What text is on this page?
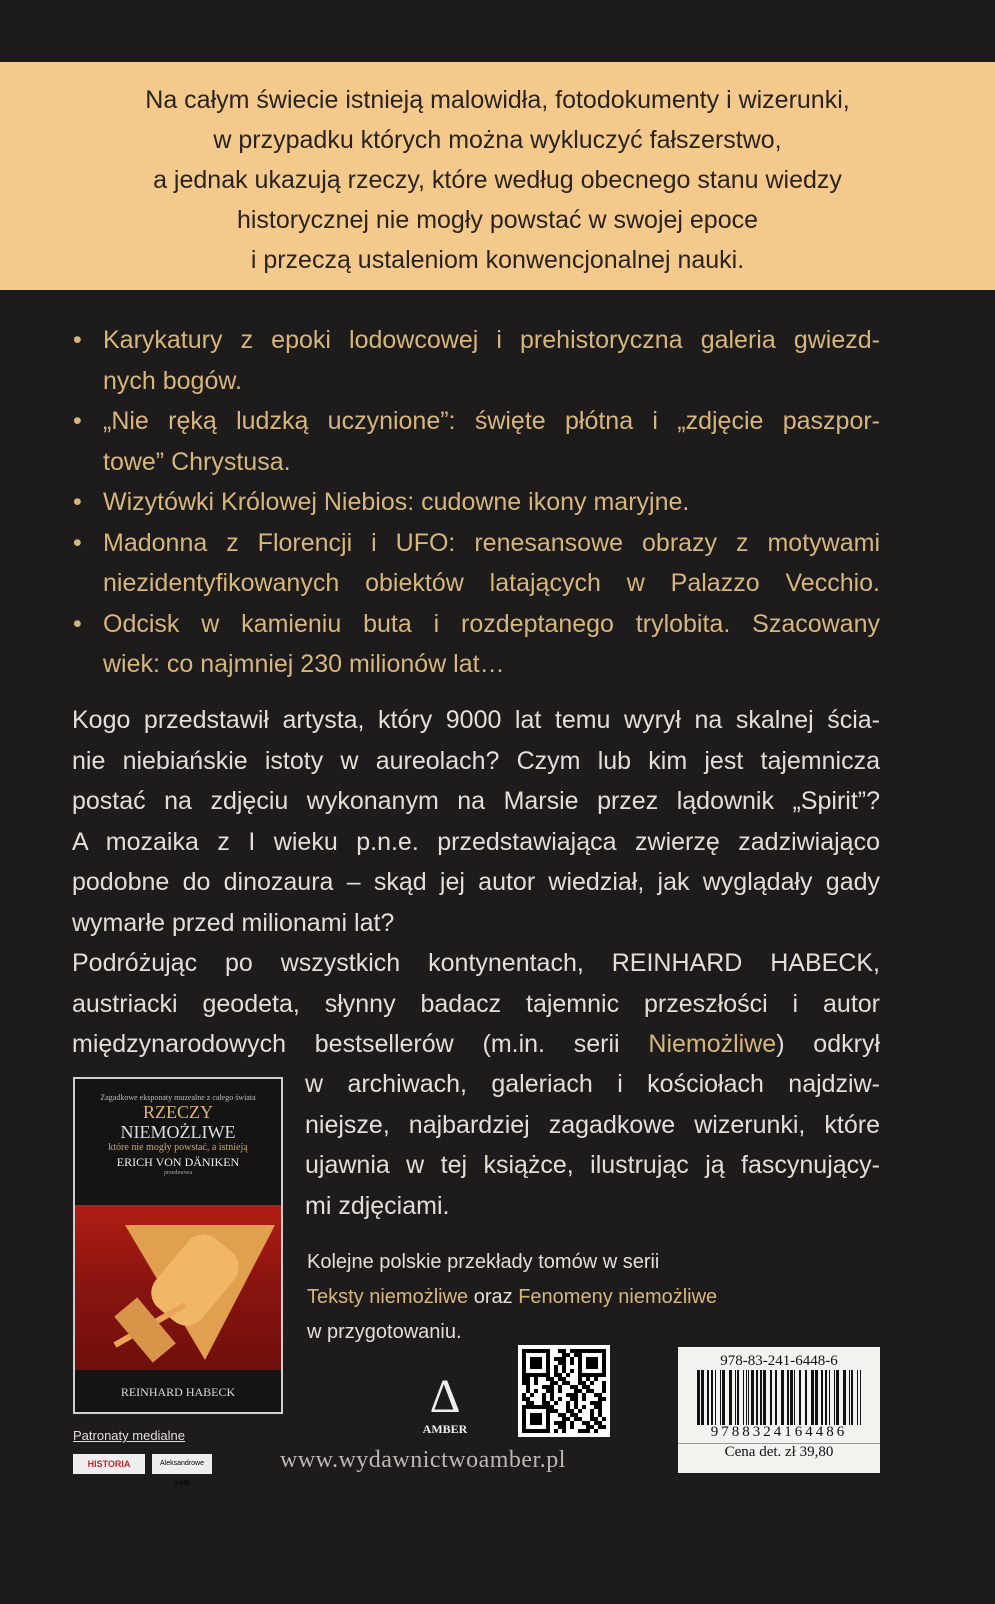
Na całym świecie istnieją malowidła, fotodokumenty i wizerunki,
w przypadku których można wykluczyć fałszerstwo,
a jednak ukazują rzeczy, które według obecnego stanu wiedzy
historycznej nie mogły powstać w swojej epoce
i przeczą ustaleniom konwencjonalnej nauki.
• Karykatury z epoki lodowcowej i prehistoryczna galeria gwiezd-
nych bogów.
• „Nie ręką ludzką uczynione”: święte płótna i „zdjęcie paszpor-
towe” Chrystusa.
• Wizytówki Królowej Niebios: cudowne ikony maryjne.
• Madonna z Florencji i UFO: renesansowe obrazy z motywami
niezidentyfikowanych obiektów latających w Palazzo Vecchio.
• Odcisk w kamieniu buta i rozdeptanego trylobita. Szacowany
wiek: co najmniej 230 milionów lat…
Kogo przedstawił artysta, który 9000 lat temu wyrył na skalnej ścia-
nie niebiańskie istoty w aureolach? Czym lub kim jest tajemnicza
postać na zdjęciu wykonanym na Marsie przez lądownik „Spirit”?
A mozaika z I wieku p.n.e. przedstawiająca zwierzę zadziwiająco
podobne do dinozaura – skąd jej autor wiedział, jak wyglądały gady
wymarłe przed milionami lat?
Podróżując po wszystkich kontynentach, REINHARD HABECK,
austriacki geodeta, słynny badacz tajemnic przeszłości i autor
międzynarodowych bestsellerów (m.in. serii Niemożliwe) odkrył
w archiwach, galeriach i kościołach najdziw-
niejsze, najbardziej zagadkowe wizerunki, które
ujawnia w tej książce, ilustrując ją fascynujący-
mi zdjęciami.
Kolejne polskie przekłady tomów w serii
Teksty niemożliwe oraz Fenomeny niemożliwe
w przygotowaniu.
Zagadkowe eksponaty muzealne z całego świata
RZECZY
NIEMOŻLIWE
które nie mogły powstać, a istnieją
ERICH VON DÄNIKEN
przedmowa
REINHARD HABECK
Patronaty medialne
HISTORIA	Aleksandrowe myśli
Δ
AMBER
www.wydawnictwoamber.pl
978-83-241-6448-6
9788324164486
Cena det. zł 39,80
